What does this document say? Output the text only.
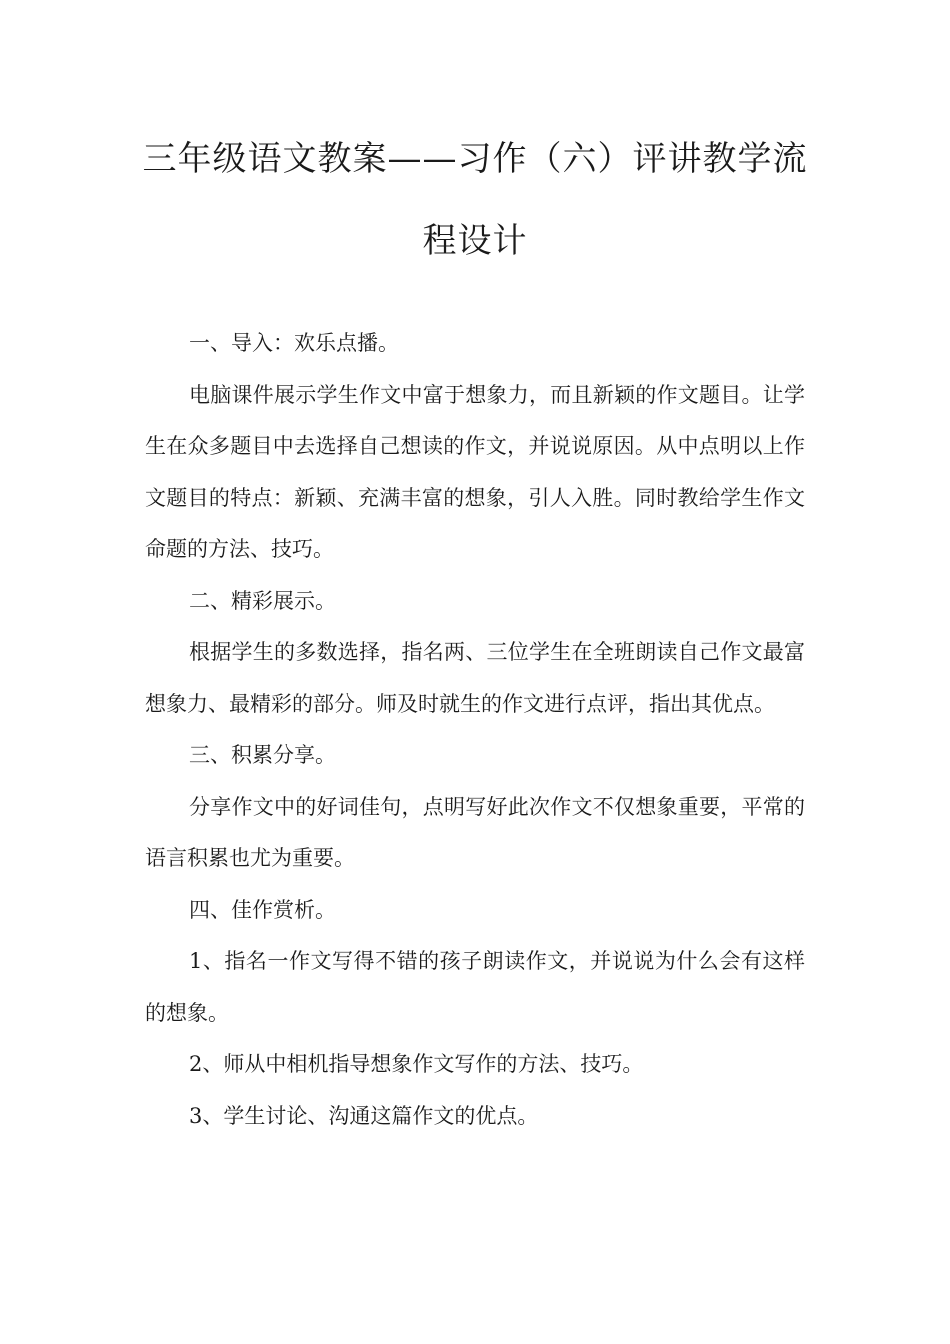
三年级语文教案——习作（六）评讲教学流
程设计

一、导入：欢乐点播。

电脑课件展示学生作文中富于想象力，而且新颖的作文题目。让学生在众多题目中去选择自己想读的作文，并说说原因。从中点明以上作文题目的特点：新颖、充满丰富的想象，引人入胜。同时教给学生作文命题的方法、技巧。

二、精彩展示。

根据学生的多数选择，指名两、三位学生在全班朗读自己作文最富想象力、最精彩的部分。师及时就生的作文进行点评，指出其优点。

三、积累分享。

分享作文中的好词佳句，点明写好此次作文不仅想象重要，平常的语言积累也尤为重要。

四、佳作赏析。

1、指名一作文写得不错的孩子朗读作文，并说说为什么会有这样的想象。

2、师从中相机指导想象作文写作的方法、技巧。

3、学生讨论、沟通这篇作文的优点。
